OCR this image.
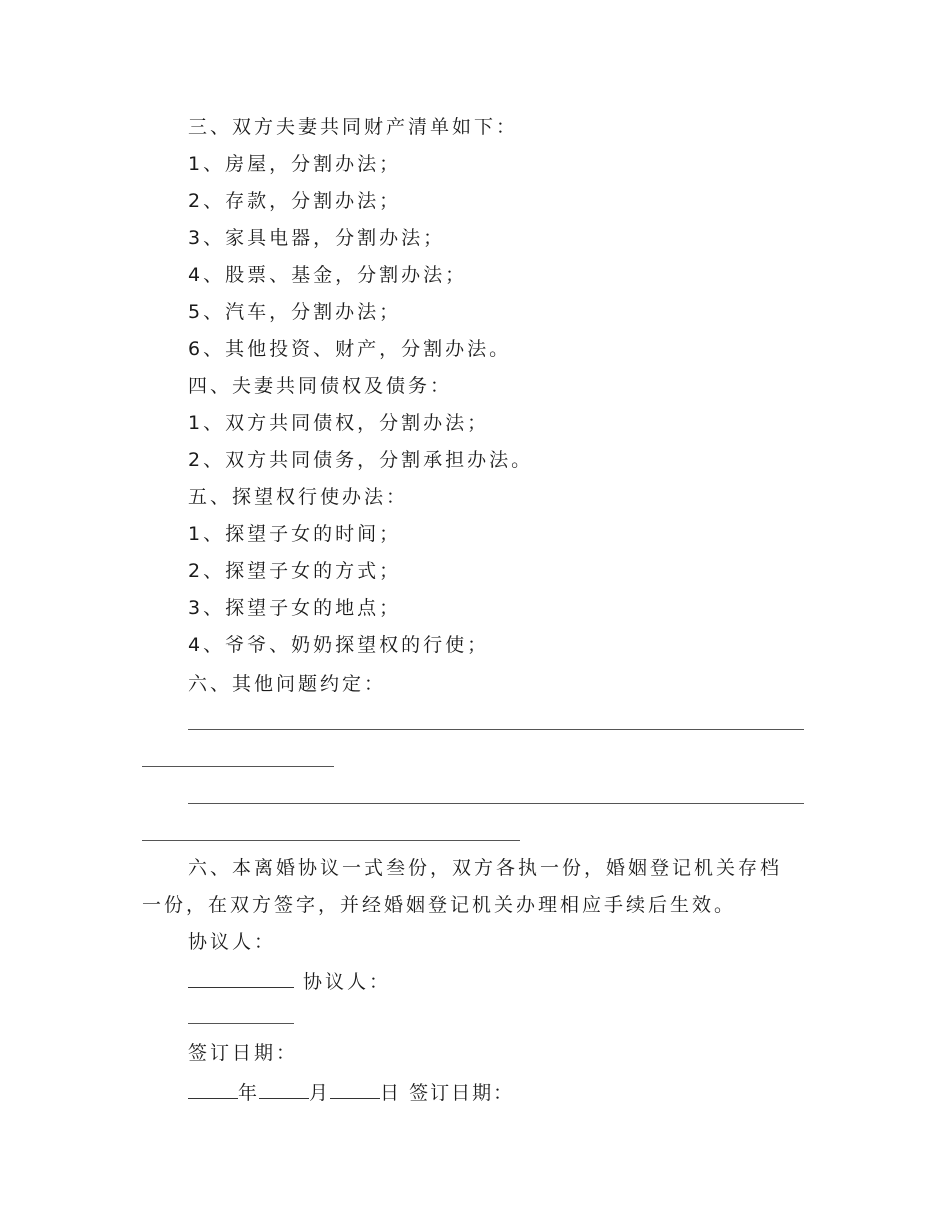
三、双方夫妻共同财产清单如下：
1、房屋，分割办法；
2、存款，分割办法；
3、家具电器，分割办法；
4、股票、基金，分割办法；
5、汽车，分割办法；
6、其他投资、财产，分割办法。
四、夫妻共同债权及债务：
1、双方共同债权，分割办法；
2、双方共同债务，分割承担办法。
五、探望权行使办法：
1、探望子女的时间；
2、探望子女的方式；
3、探望子女的地点；
4、爷爷、奶奶探望权的行使；
六、其他问题约定：
六、本离婚协议一式叁份，双方各执一份，婚姻登记机关存档一份，在双方签字，并经婚姻登记机关办理相应手续后生效。
协议人：
协议人：
签订日期：
年	月	日 签订日期：
